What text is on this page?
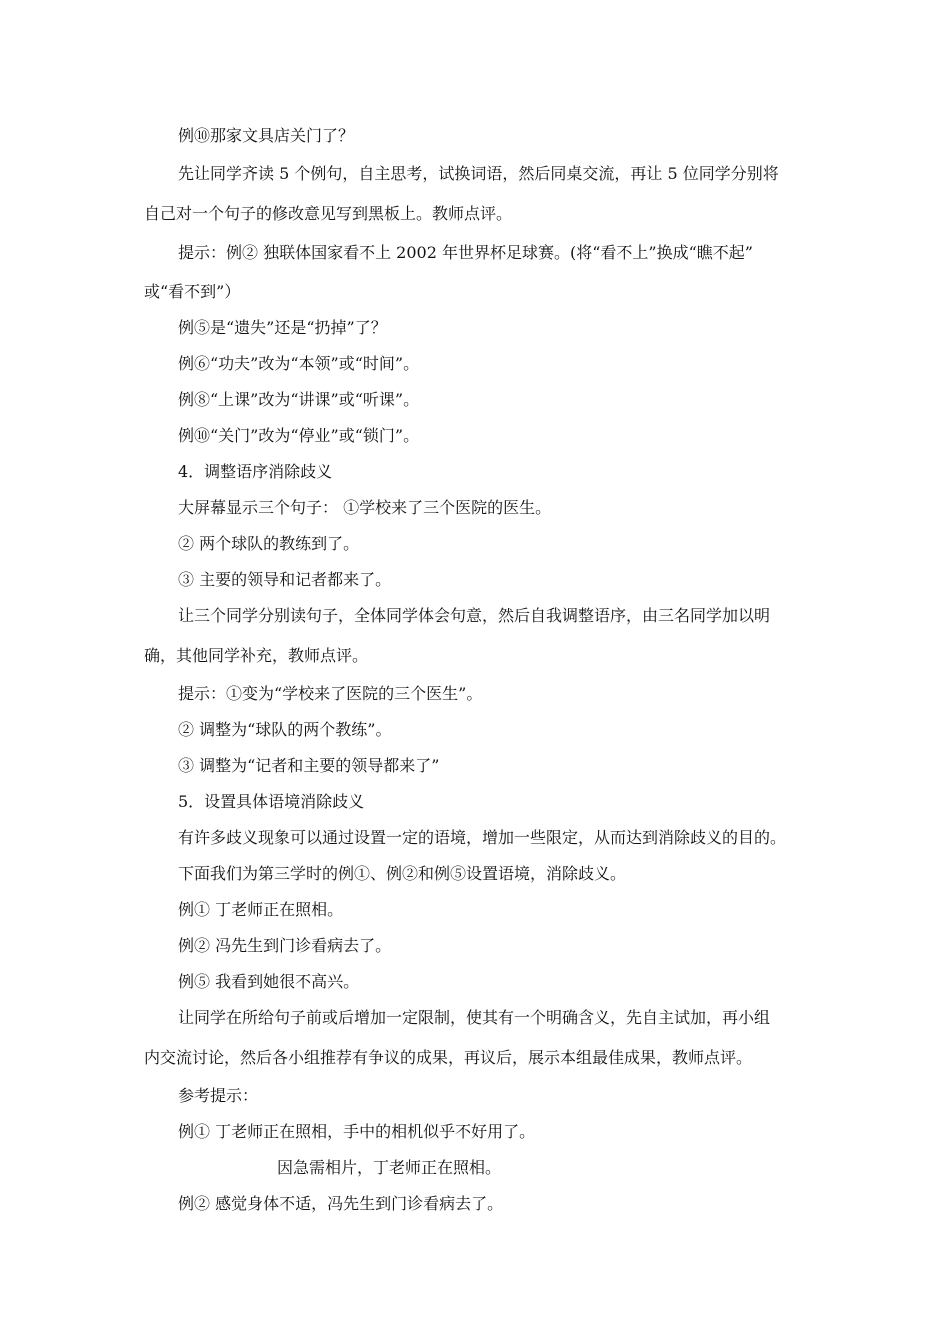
例⑩那家文具店关门了？
先让同学齐读 5 个例句，自主思考，试换词语，然后同桌交流，再让 5 位同学分别将
自己对一个句子的修改意见写到黑板上。教师点评。
提示：例② 独联体国家看不上 2002 年世界杯足球赛。(将“看不上”换成“瞧不起”
或“看不到”）
例⑤是“遗失”还是“扔掉”了？
例⑥“功夫”改为“本领”或“时间”。
例⑧“上课”改为“讲课”或“听课”。
例⑩“关门”改为“停业”或“锁门”。
4．调整语序消除歧义
大屏幕显示三个句子： ①学校来了三个医院的医生。
② 两个球队的教练到了。
③ 主要的领导和记者都来了。
让三个同学分别读句子，全体同学体会句意，然后自我调整语序，由三名同学加以明
确，其他同学补充，教师点评。
提示：①变为“学校来了医院的三个医生”。
② 调整为“球队的两个教练”。
③ 调整为“记者和主要的领导都来了”
5．设置具体语境消除歧义
有许多歧义现象可以通过设置一定的语境，增加一些限定，从而达到消除歧义的目的。
下面我们为第三学时的例①、例②和例⑤设置语境，消除歧义。
例① 丁老师正在照相。
例② 冯先生到门诊看病去了。
例⑤ 我看到她很不高兴。
让同学在所给句子前或后增加一定限制，使其有一个明确含义，先自主试加，再小组
内交流讨论，然后各小组推荐有争议的成果，再议后，展示本组最佳成果，教师点评。
参考提示：
例① 丁老师正在照相，手中的相机似乎不好用了。
因急需相片，丁老师正在照相。
例② 感觉身体不适，冯先生到门诊看病去了。
